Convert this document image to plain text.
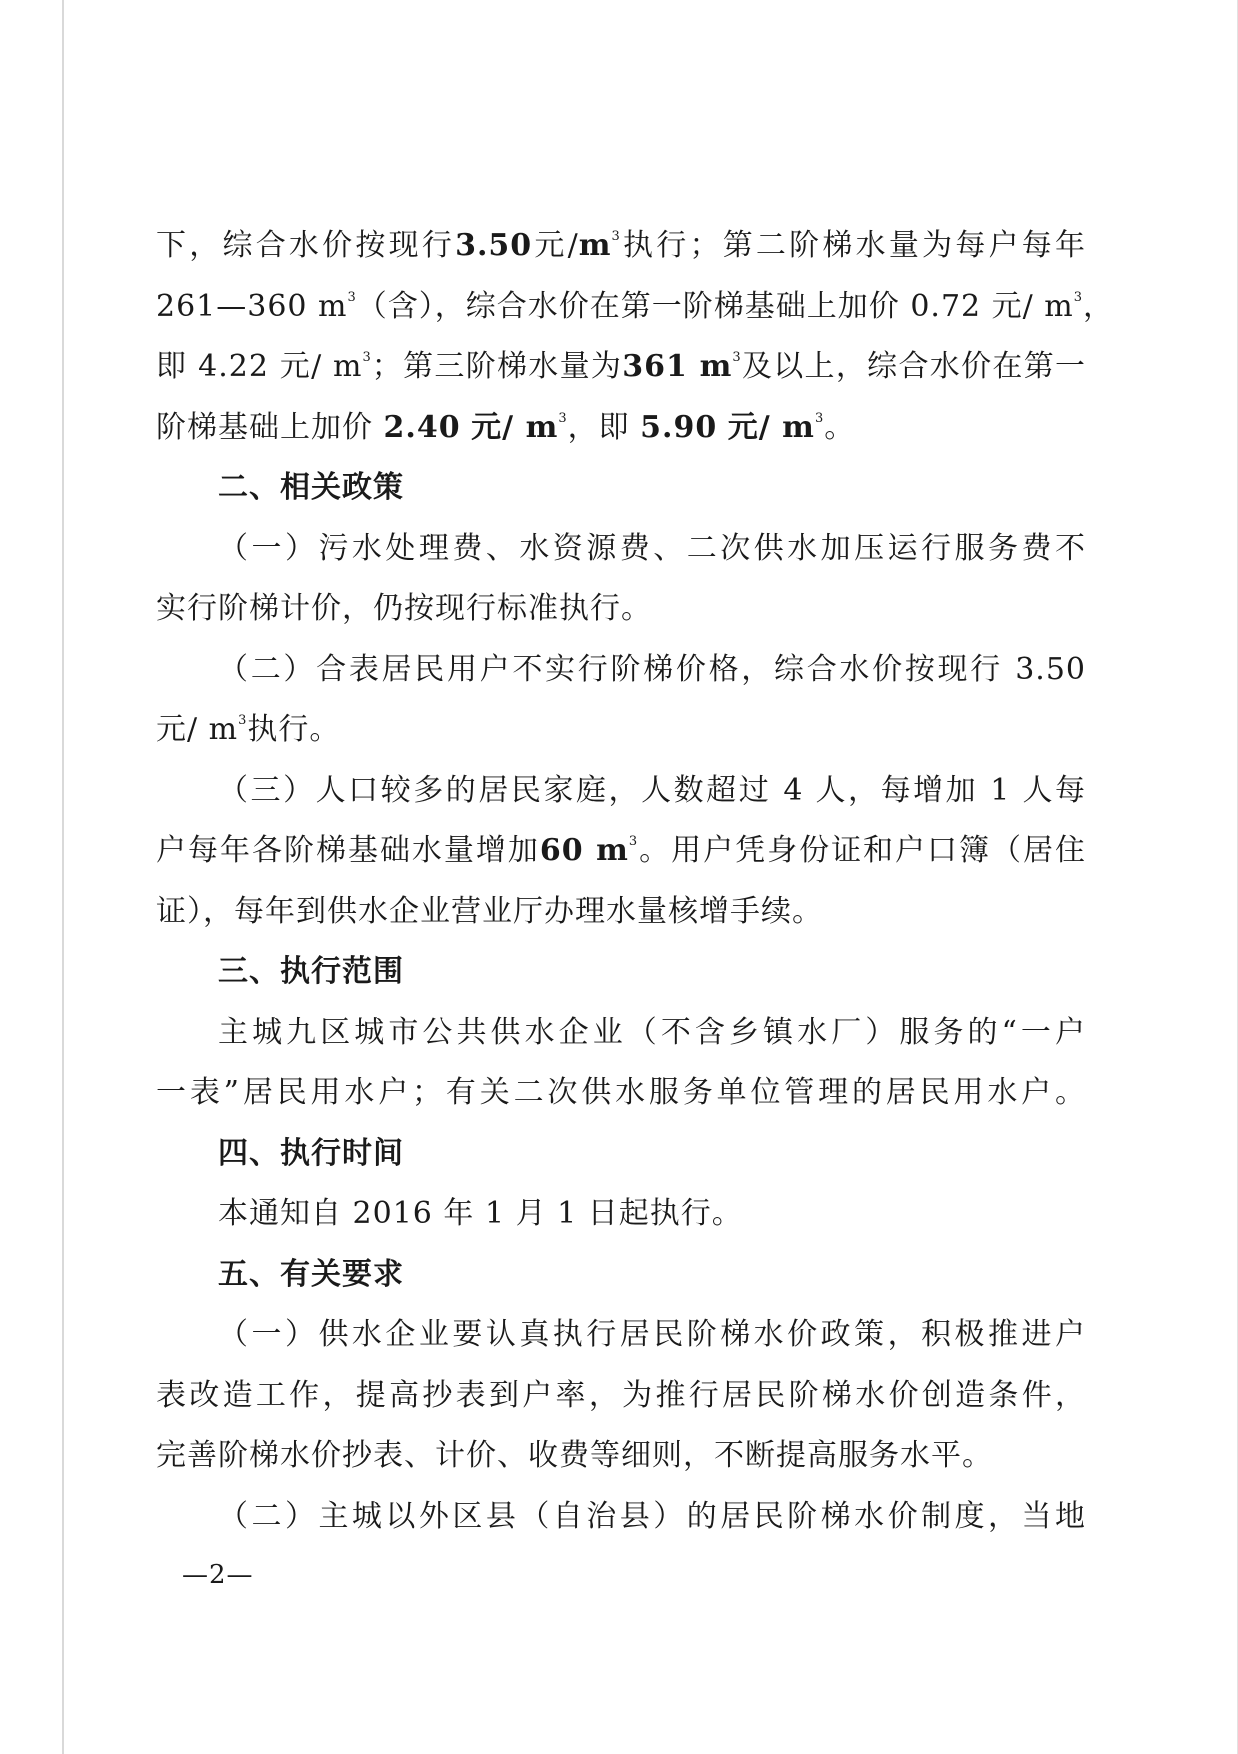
下，综合水价按现行3.50元$/m^3$执行；第二阶梯水量为每户每年
261—360 $m^3$（含），综合水价在第一阶梯基础上加价 0.72 元/ $m^3$，
即 4.22 元/ $m^3$；第三阶梯水量为361 $m^3$及以上，综合水价在第一
阶梯基础上加价 2.40 元/ $m^3$，即 5.90 元/ $m^3$。
二、相关政策
（一）污水处理费、水资源费、二次供水加压运行服务费不
实行阶梯计价，仍按现行标准执行。
（二）合表居民用户不实行阶梯价格，综合水价按现行 3.50
元/ $m^3$执行。
（三）人口较多的居民家庭，人数超过 4 人，每增加 1 人每
户每年各阶梯基础水量增加60 $m^3$。用户凭身份证和户口簿（居住
证），每年到供水企业营业厅办理水量核增手续。
三、执行范围
主城九区城市公共供水企业（不含乡镇水厂）服务的“一户
一表”居民用水户；有关二次供水服务单位管理的居民用水户。
四、执行时间
本通知自 2016 年 1 月 1 日起执行。
五、有关要求
（一）供水企业要认真执行居民阶梯水价政策，积极推进户
表改造工作，提高抄表到户率，为推行居民阶梯水价创造条件，
完善阶梯水价抄表、计价、收费等细则，不断提高服务水平。
（二）主城以外区县（自治县）的居民阶梯水价制度，当地
—2—
